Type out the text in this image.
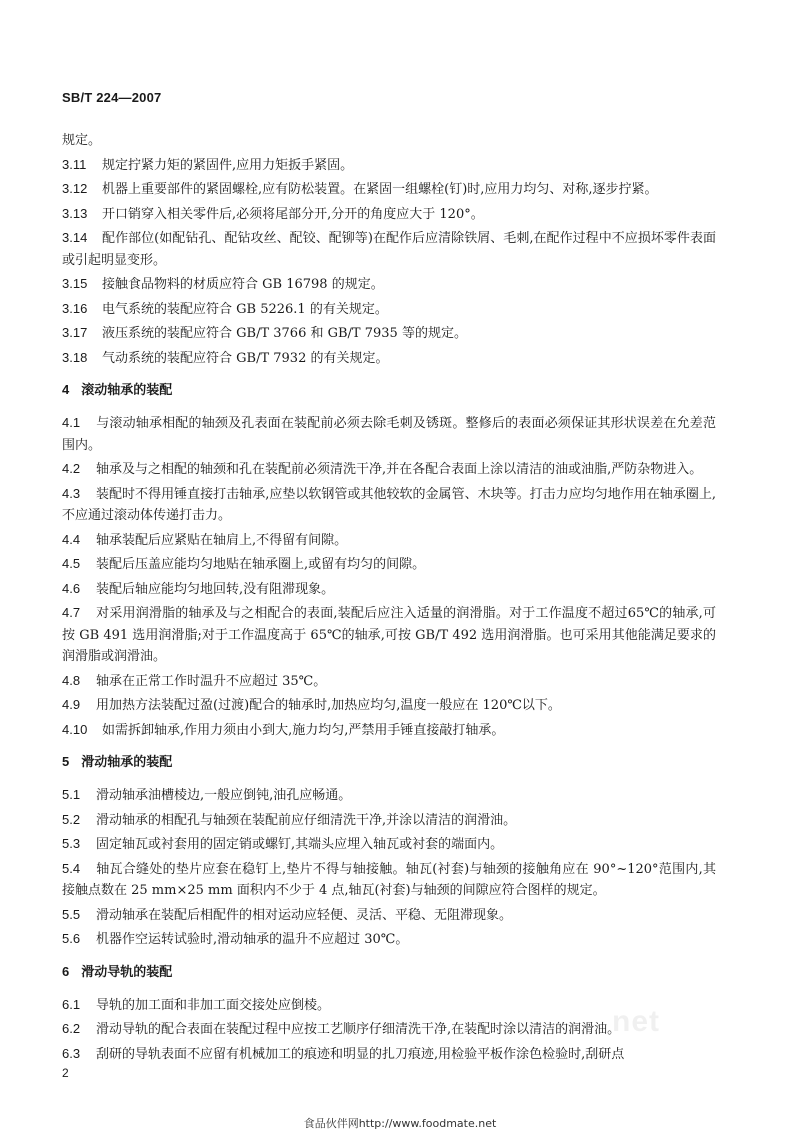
SB/T 224—2007

规定。

3.11 规定拧紧力矩的紧固件,应用力矩扳手紧固。

3.12 机器上重要部件的紧固螺栓,应有防松装置。在紧固一组螺栓(钉)时,应用力均匀、对称,逐步拧紧。

3.13 开口销穿入相关零件后,必须将尾部分开,分开的角度应大于 120°。

3.14 配作部位(如配钻孔、配钻攻丝、配铰、配铆等)在配作后应清除铁屑、毛刺,在配作过程中不应损坏零件表面或引起明显变形。

3.15 接触食品物料的材质应符合 GB 16798 的规定。

3.16 电气系统的装配应符合 GB 5226.1 的有关规定。

3.17 液压系统的装配应符合 GB/T 3766 和 GB/T 7935 等的规定。

3.18 气动系统的装配应符合 GB/T 7932 的有关规定。

4 滚动轴承的装配

4.1 与滚动轴承相配的轴颈及孔表面在装配前必须去除毛刺及锈斑。整修后的表面必须保证其形状误差在允差范围内。

4.2 轴承及与之相配的轴颈和孔在装配前必须清洗干净,并在各配合表面上涂以清洁的油或油脂,严防杂物进入。

4.3 装配时不得用锤直接打击轴承,应垫以软钢管或其他较软的金属管、木块等。打击力应均匀地作用在轴承圈上,不应通过滚动体传递打击力。

4.4 轴承装配后应紧贴在轴肩上,不得留有间隙。

4.5 装配后压盖应能均匀地贴在轴承圈上,或留有均匀的间隙。

4.6 装配后轴应能均匀地回转,没有阻滞现象。

4.7 对采用润滑脂的轴承及与之相配合的表面,装配后应注入适量的润滑脂。对于工作温度不超过65℃的轴承,可按 GB 491 选用润滑脂;对于工作温度高于 65℃的轴承,可按 GB/T 492 选用润滑脂。也可采用其他能满足要求的润滑脂或润滑油。

4.8 轴承在正常工作时温升不应超过 35℃。

4.9 用加热方法装配过盈(过渡)配合的轴承时,加热应均匀,温度一般应在 120℃以下。

4.10 如需拆卸轴承,作用力须由小到大,施力均匀,严禁用手锤直接敲打轴承。

5 滑动轴承的装配

5.1 滑动轴承油槽棱边,一般应倒钝,油孔应畅通。

5.2 滑动轴承的相配孔与轴颈在装配前应仔细清洗干净,并涂以清洁的润滑油。

5.3 固定轴瓦或衬套用的固定销或螺钉,其端头应埋入轴瓦或衬套的端面内。

5.4 轴瓦合缝处的垫片应套在稳钉上,垫片不得与轴接触。轴瓦(衬套)与轴颈的接触角应在 90°~120°范围内,其接触点数在 25 mm×25 mm 面积内不少于 4 点,轴瓦(衬套)与轴颈的间隙应符合图样的规定。

5.5 滑动轴承在装配后相配件的相对运动应轻便、灵活、平稳、无阻滞现象。

5.6 机器作空运转试验时,滑动轴承的温升不应超过 30℃。

6 滑动导轨的装配

6.1 导轨的加工面和非加工面交接处应倒棱。

6.2 滑动导轨的配合表面在装配过程中应按工艺顺序仔细清洗干净,在装配时涂以清洁的润滑油。

6.3 刮研的导轨表面不应留有机械加工的痕迹和明显的扎刀痕迹,用检验平板作涂色检验时,刮研点

net
2
食品伙伴网http://www.foodmate.net
